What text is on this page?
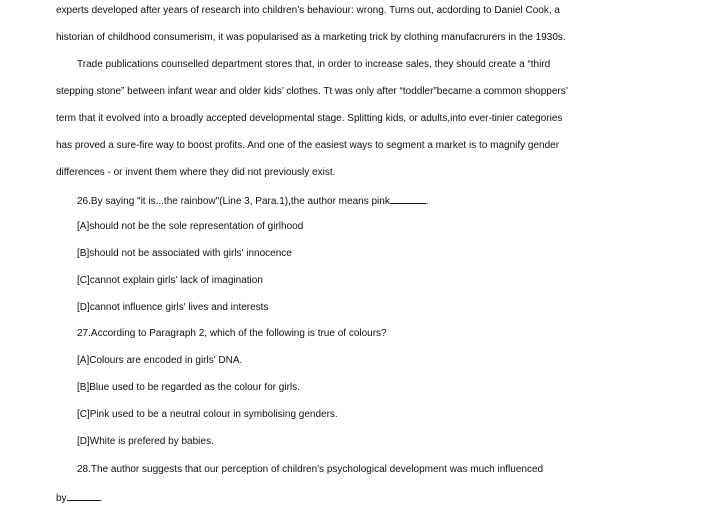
experts developed after years of research into children’s behaviour: wrong. Turns out, acdording to Daniel Cook, a
historian of childhood consumerism, it was popularised as a marketing trick by clothing manufacrurers in the 1930s.
Trade publications counselled department stores that, in order to increase sales, they should create a “third
stepping stone” between infant wear and older kids’ clothes. Tt was only after “toddler”became a common shoppers’
term that it evolved into a broadly accepted developmental stage. Splitting kids, or adults,into ever-tinier categories
has proved a sure-fire way to boost profits. And one of the easiest ways to segment a market is to magnify gender
differences - or invent them where they did not previously exist.
26.By saying "it is...the rainbow"(Line 3, Para.1),the author means pink	.
[A]should not be the sole representation of girlhood
[B]should not be associated with girls' innocence
[C]cannot explain girls' lack of imagination
[D]cannot influence girls' lives and interests
27.According to Paragraph 2, which of the following is true of colours?
[A]Colours are encoded in girls' DNA.
[B]Blue used to be regarded as the colour for girls.
[C]Pink used to be a neutral colour in symbolising genders.
[D]White is prefered by babies.
28.The author suggests that our perception of children's psychological development was much influenced
by	.
